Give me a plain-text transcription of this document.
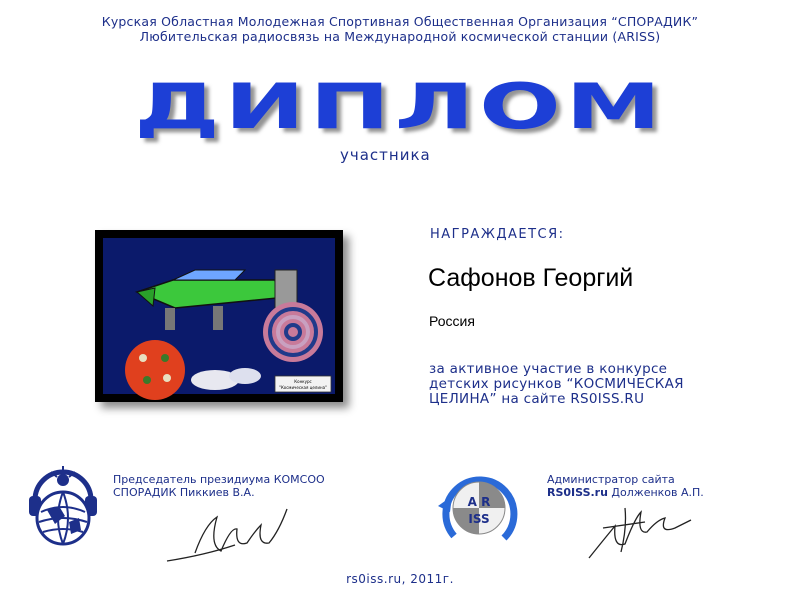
Курская Областная Молодежная Спортивная Общественная Организация “СПОРАДИК”
Любительская радиосвязь на Международной космической станции (ARISS)
ДИПЛОМ
участника
Конкурс
"Космическая целина"
НАГРАЖДАЕТСЯ:
Сафонов Георгий
Россия
за активное участие в конкурсе
детских рисунков “КОСМИЧЕСКАЯ
ЦЕЛИНА” на сайте RS0ISS.RU
Председатель президиума КОМСОО
СПОРАДИК Пиккиев В.А.
A R
ISS
Администратор сайта
RS0ISS.ru Долженков А.П.
rs0iss.ru, 2011г.
